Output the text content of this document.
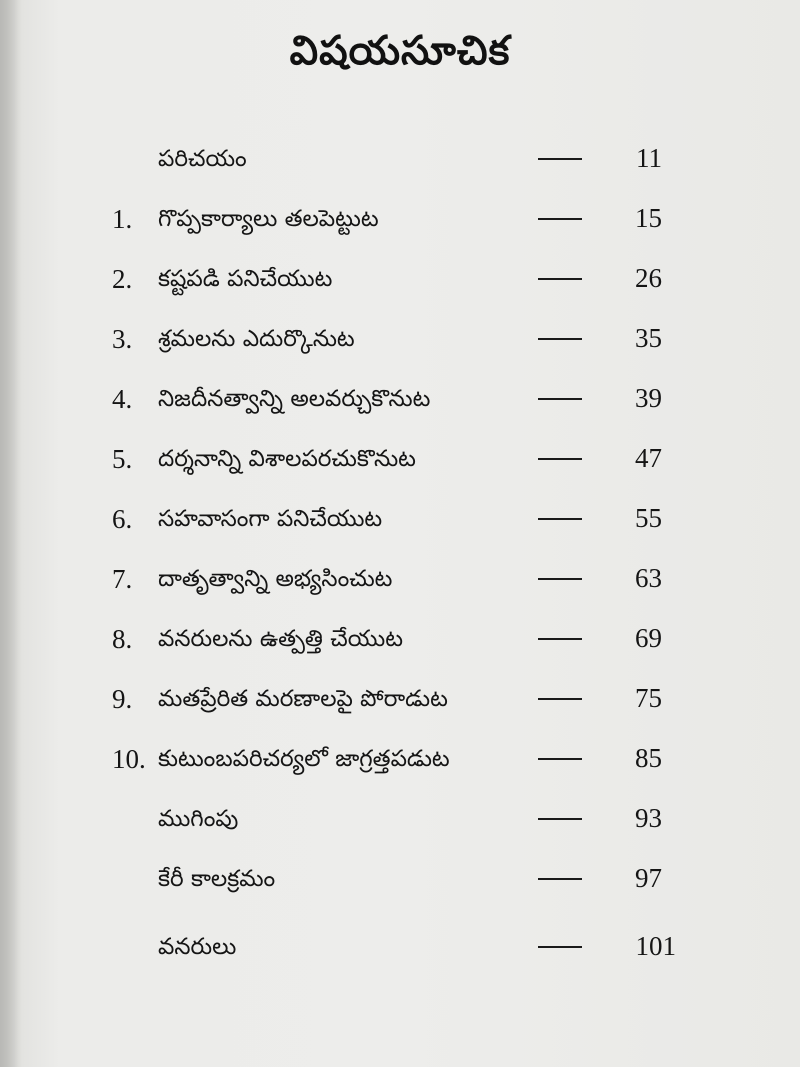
విషయసూచిక
పరిచయం	11
1.	గొప్పకార్యాలు తలపెట్టుట	15
2.	కష్టపడి పనిచేయుట	26
3.	శ్రమలను ఎదుర్కొనుట	35
4.	నిజదీనత్వాన్ని అలవర్చుకొనుట	39
5.	దర్శనాన్ని విశాలపరచుకొనుట	47
6.	సహవాసంగా పనిచేయుట	55
7.	దాతృత్వాన్ని అభ్యసించుట	63
8.	వనరులను ఉత్పత్తి చేయుట	69
9.	మతప్రేరిత మరణాలపై పోరాడుట	75
10. కుటుంబపరిచర్యలో జాగ్రత్తపడుట	85
ముగింపు	93
కేరీ కాలక్రమం	97
వనరులు	101
